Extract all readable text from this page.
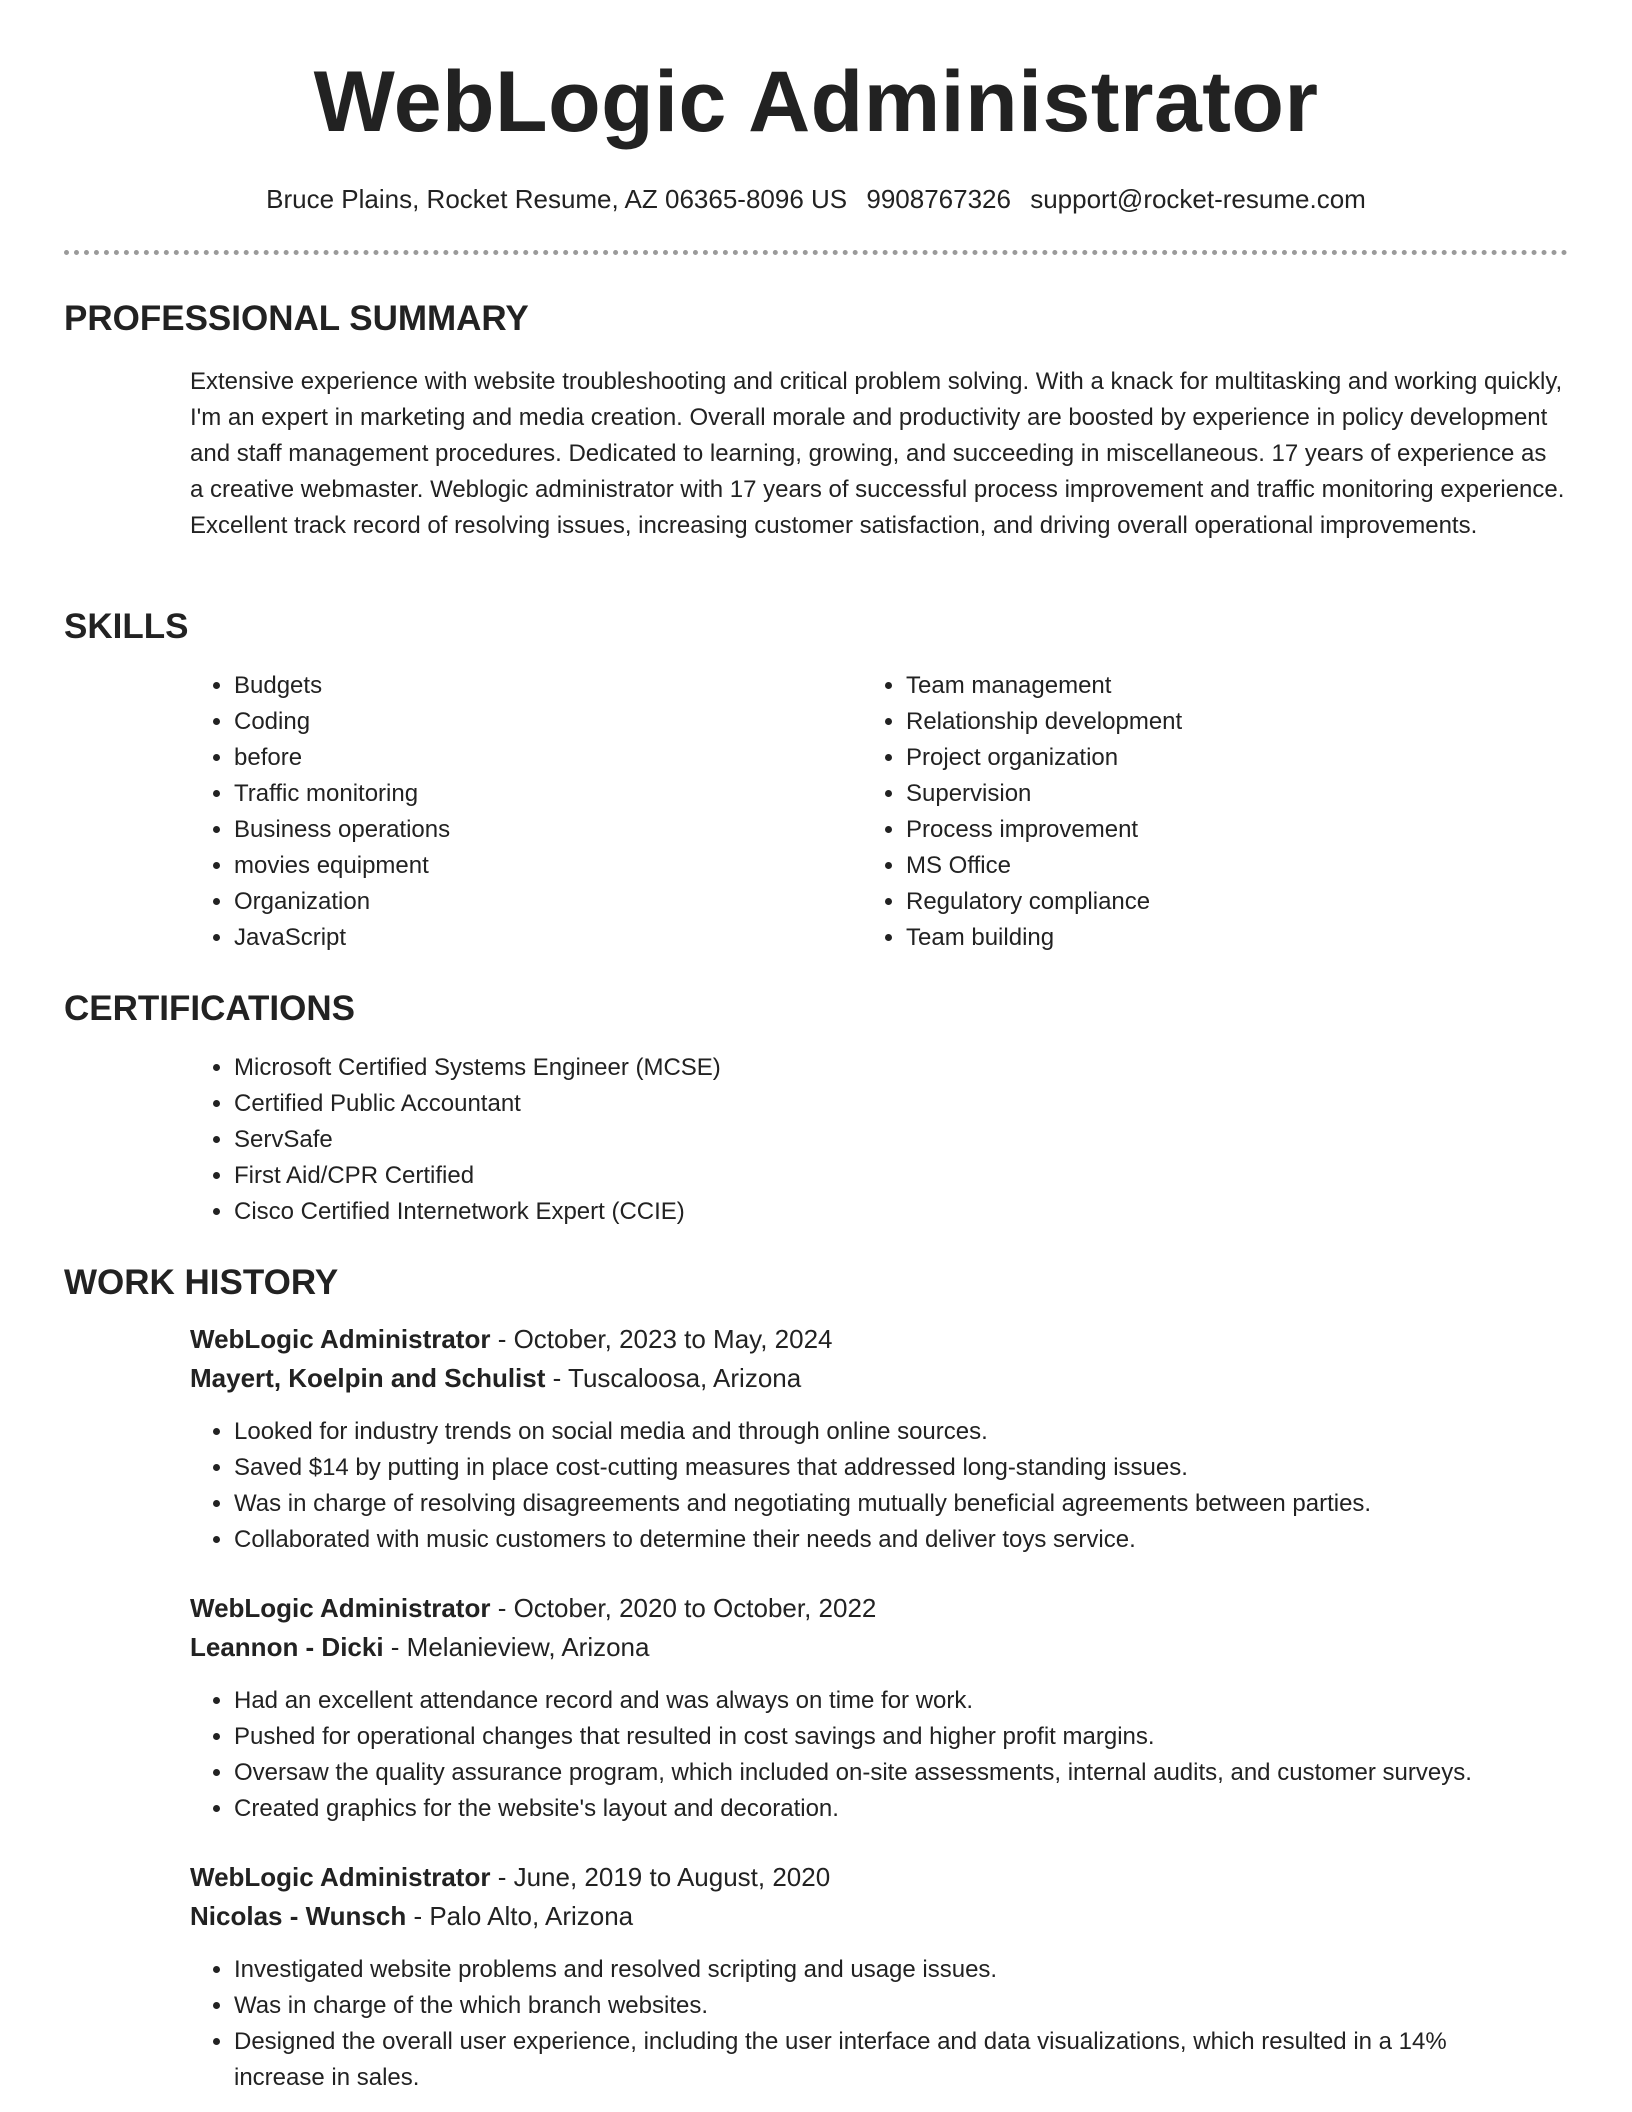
WebLogic Administrator
Bruce Plains, Rocket Resume, AZ 06365-8096 US 9908767326 support@rocket-resume.com
PROFESSIONAL SUMMARY

Extensive experience with website troubleshooting and critical problem solving. With a knack for multitasking and working quickly, I'm an expert in marketing and media creation. Overall morale and productivity are boosted by experience in policy development and staff management procedures. Dedicated to learning, growing, and succeeding in miscellaneous. 17 years of experience as a creative webmaster. Weblogic administrator with 17 years of successful process improvement and traffic monitoring experience. Excellent track record of resolving issues, increasing customer satisfaction, and driving overall operational improvements.

SKILLS
• Budgets
• Coding
• before
• Traffic monitoring
• Business operations
• movies equipment
• Organization
• JavaScript
• Team management
• Relationship development
• Project organization
• Supervision
• Process improvement
• MS Office
• Regulatory compliance
• Team building
CERTIFICATIONS
• Microsoft Certified Systems Engineer (MCSE)
• Certified Public Accountant
• ServSafe
• First Aid/CPR Certified
• Cisco Certified Internetwork Expert (CCIE)
WORK HISTORY
WebLogic Administrator - October, 2023 to May, 2024
Mayert, Koelpin and Schulist - Tuscaloosa, Arizona
• Looked for industry trends on social media and through online sources.
• Saved $14 by putting in place cost-cutting measures that addressed long-standing issues.
• Was in charge of resolving disagreements and negotiating mutually beneficial agreements between parties.
• Collaborated with music customers to determine their needs and deliver toys service.
WebLogic Administrator - October, 2020 to October, 2022
Leannon - Dicki - Melanieview, Arizona
• Had an excellent attendance record and was always on time for work.
• Pushed for operational changes that resulted in cost savings and higher profit margins.
• Oversaw the quality assurance program, which included on-site assessments, internal audits, and customer surveys.
• Created graphics for the website's layout and decoration.
WebLogic Administrator - June, 2019 to August, 2020
Nicolas - Wunsch - Palo Alto, Arizona
• Investigated website problems and resolved scripting and usage issues.
• Was in charge of the which branch websites.
• Designed the overall user experience, including the user interface and data visualizations, which resulted in a 14% increase in sales.
